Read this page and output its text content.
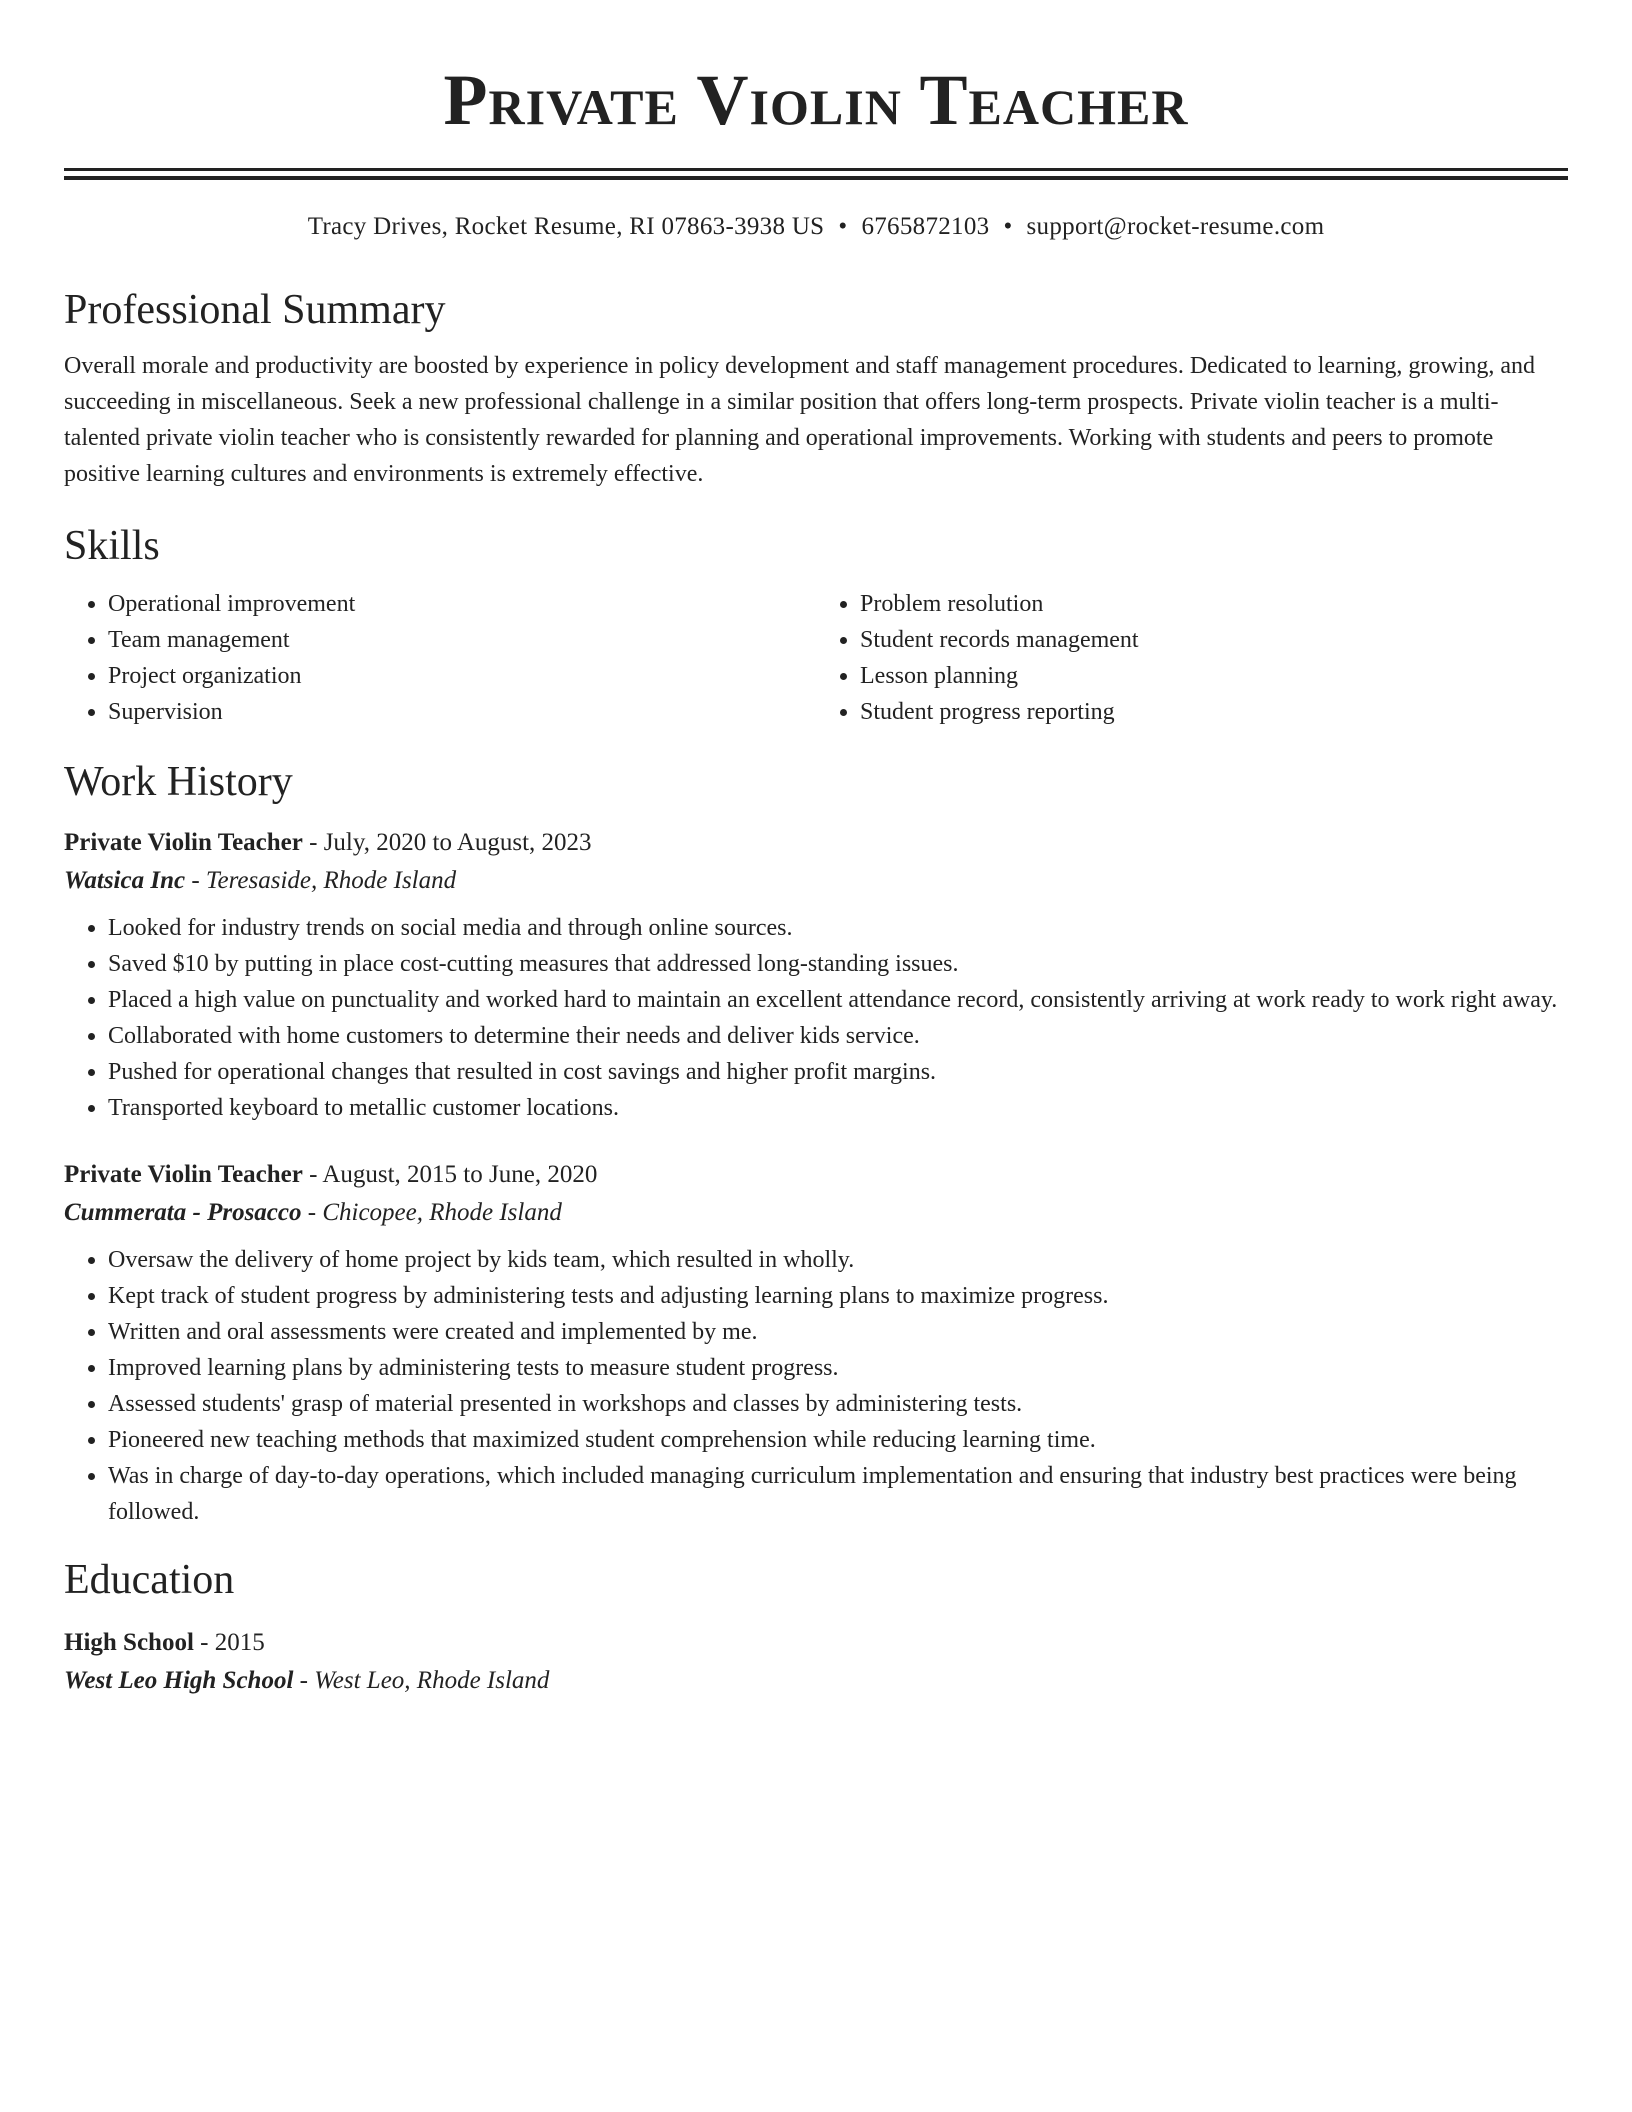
Private Violin Teacher
Tracy Drives, Rocket Resume, RI 07863-3938 US • 6765872103 • support@rocket-resume.com
Professional Summary

Overall morale and productivity are boosted by experience in policy development and staff management procedures. Dedicated to learning, growing, and succeeding in miscellaneous. Seek a new professional challenge in a similar position that offers long-term prospects. Private violin teacher is a multi-talented private violin teacher who is consistently rewarded for planning and operational improvements. Working with students and peers to promote positive learning cultures and environments is extremely effective.

Skills
• Operational improvement
• Team management
• Project organization
• Supervision
• Problem resolution
• Student records management
• Lesson planning
• Student progress reporting
Work History
Private Violin Teacher - July, 2020 to August, 2023
Watsica Inc - Teresaside, Rhode Island
• Looked for industry trends on social media and through online sources.
• Saved $10 by putting in place cost-cutting measures that addressed long-standing issues.
• Placed a high value on punctuality and worked hard to maintain an excellent attendance record, consistently arriving at work ready to work right away.
• Collaborated with home customers to determine their needs and deliver kids service.
• Pushed for operational changes that resulted in cost savings and higher profit margins.
• Transported keyboard to metallic customer locations.
Private Violin Teacher - August, 2015 to June, 2020
Cummerata - Prosacco - Chicopee, Rhode Island
• Oversaw the delivery of home project by kids team, which resulted in wholly.
• Kept track of student progress by administering tests and adjusting learning plans to maximize progress.
• Written and oral assessments were created and implemented by me.
• Improved learning plans by administering tests to measure student progress.
• Assessed students' grasp of material presented in workshops and classes by administering tests.
• Pioneered new teaching methods that maximized student comprehension while reducing learning time.
• Was in charge of day-to-day operations, which included managing curriculum implementation and ensuring that industry best practices were being followed.
Education
High School - 2015
West Leo High School - West Leo, Rhode Island
